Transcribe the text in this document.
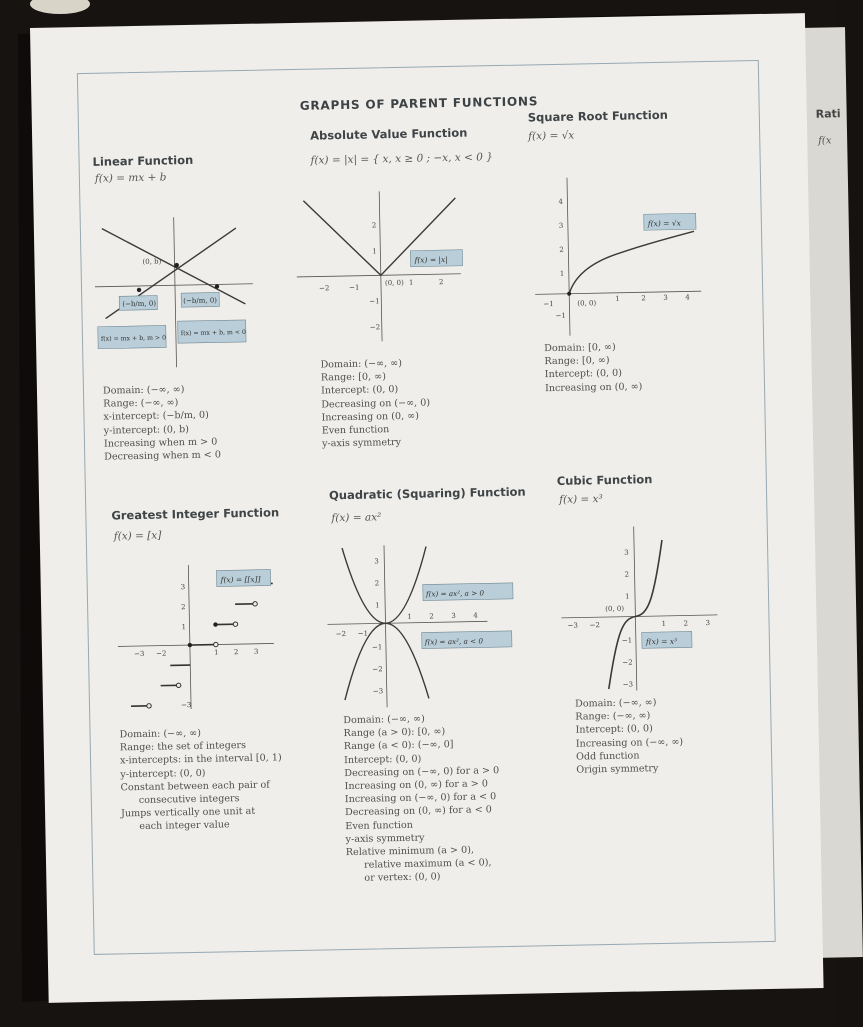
Rati
f(x
GRAPHS OF PARENT FUNCTIONS
Linear Function
f(x) = mx + b
(0, b)
(−b/m, 0)	(−b/m, 0)
f(x) = mx + b, m > 0
f(x) = mx + b, m < 0
Domain: (−∞, ∞)
Range: (−∞, ∞)
x-intercept: (−b/m, 0)
y-intercept: (0, b)
Increasing when m > 0
Decreasing when m < 0
Absolute Value Function
f(x) = |x| = { x, x ≥ 0 ; −x, x < 0 }
f(x) = |x|
(0, 0)
−2	−1
1	2
2
1
−1
−2
Domain: (−∞, ∞)
Range: [0, ∞)
Intercept: (0, 0)
Decreasing on (−∞, 0)
Increasing on (0, ∞)
Even function
y-axis symmetry
Square Root Function
f(x) = √x
f(x) = √x
(0, 0)
−1
1	2 3 4
4
3
2
1
−1
Domain: [0, ∞)
Range: [0, ∞)
Intercept: (0, 0)
Increasing on (0, ∞)
Greatest Integer Function
f(x) = [x]
f(x) = [[x]]
−3 −2	1 2 3
3
2
1
−3
Domain: (−∞, ∞)
Range: the set of integers
x-intercepts: in the interval [0, 1)
y-intercept: (0, 0)
Constant between each pair of
consecutive integers
Jumps vertically one unit at
each integer value
Quadratic (Squaring) Function
f(x) = ax²
f(x) = ax², a > 0
f(x) = ax², a < 0
−2 −1
1 2 3 4
3
2
1
−1
−2
−3
Domain: (−∞, ∞)
Range (a > 0): [0, ∞)
Range (a < 0): (−∞, 0]
Intercept: (0, 0)
Decreasing on (−∞, 0) for a > 0
Increasing on (0, ∞) for a > 0
Increasing on (−∞, 0) for a < 0
Decreasing on (0, ∞) for a < 0
Even function
y-axis symmetry
Relative minimum (a > 0),
relative maximum (a < 0),
or vertex: (0, 0)
Cubic Function
f(x) = x³
f(x) = x³
(0, 0)
−3 −2	1 2 3
3
2
1
−1
−2
−3
Domain: (−∞, ∞)
Range: (−∞, ∞)
Intercept: (0, 0)
Increasing on (−∞, ∞)
Odd function
Origin symmetry
